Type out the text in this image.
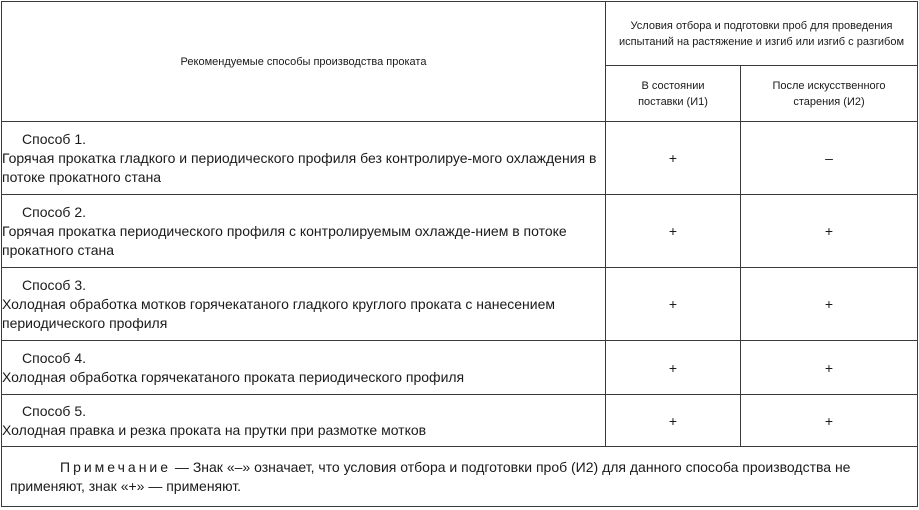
Рекомендуемые способы производства проката	Условия отбора и подготовки проб для проведения испытаний на растяжение и изгиб или изгиб с разгибом	
	В состоянии поставки (И1)	После искусственного старения (И2)

Способ 1.
Горячая прокатка гладкого и периодического профиля без контролируе-мого охлаждения в потоке прокатного стана	+	–

Способ 2.
Горячая прокатка периодического профиля с контролируемым охлажде-нием в потоке прокатного стана	+	+

Способ 3.
Холодная обработка мотков горячекатаного гладкого круглого проката с нанесением периодического профиля	+	+

Способ 4.
Холодная обработка горячекатаного проката периодического профиля	+	+

Способ 5.
Холодная правка и резка проката на прутки при размотке мотков	+	+
Примечание — Знак «–» означает, что условия отбора и подготовки проб (И2) для данного способа производства не применяют, знак «+» — применяют.		
